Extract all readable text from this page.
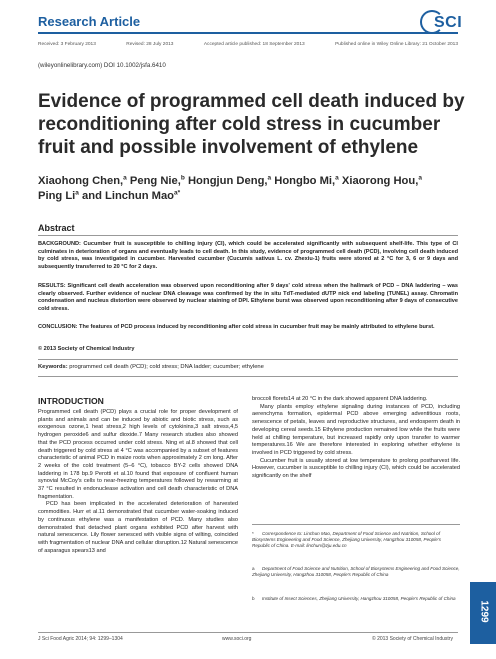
Research Article	SCI
Received: 3 February 2013	Revised: 28 July 2013	Accepted article published: 18 September 2013	Published online in Wiley Online Library: 21 October 2013
(wileyonlinelibrary.com) DOI 10.1002/jsfa.6410
Evidence of programmed cell death induced by reconditioning after cold stress in cucumber fruit and possible involvement of ethylene
Xiaohong Chen,$^a$ Peng Nie,$^b$ Hongjun Deng,$^a$ Hongbo Mi,$^a$ Xiaorong Hou,$^a$
Ping Li$^a$ and Linchun Mao$^{a*}$
Abstract
BACKGROUND: Cucumber fruit is susceptible to chilling injury (CI), which could be accelerated significantly with subsequent shelf-life. This type of CI culminates in deterioration of organs and eventually leads to cell death. In this study, evidence of programmed cell death (PCD), involving cell death induced by cold stress, was investigated in cucumber. Harvested cucumber (Cucumis sativus L. cv. Zhexiu-1) fruits were stored at 2 °C for 3, 6 or 9 days and subsequently transferred to 20 °C for 2 days.
RESULTS: Significant cell death acceleration was observed upon reconditioning after 9 days' cold stress when the hallmark of PCD – DNA laddering – was clearly observed. Further evidence of nuclear DNA cleavage was confirmed by the in situ TdT-mediated dUTP nick end labeling (TUNEL) assay. Chromatin condensation and nucleus distortion were observed by nuclear staining of DPI. Ethylene burst was observed upon reconditioning after 9 days of consecutive cold stress.
CONCLUSION: The features of PCD process induced by reconditioning after cold stress in cucumber fruit may be mainly attributed to ethylene burst.
© 2013 Society of Chemical Industry
Keywords: programmed cell death (PCD); cold stress; DNA ladder; cucumber; ethylene
INTRODUCTION

Programmed cell death (PCD) plays a crucial role for proper development of plants and animals and can be induced by abiotic and biotic stress, such as exogenous ozone,1 heat stress,2 high levels of cytokinins,3 salt stress,4,5 hydrogen peroxide6 and sulfur dioxide.7 Many research studies also showed that the PCD process occurred under cold stress. Ning et al.8 showed that cell death triggered by cold stress at 4 °C was accompanied by a subset of features characteristic of animal PCD in maize roots when approximately 2 cm long. After 2 weeks of the cold treatment (5–6 °C), tobacco BY-2 cells showed DNA laddering in 178 bp.9 Perotti et al.10 found that exposure of confluent human synovial McCoy's cells to near-freezing temperatures followed by rewarming at 37 °C resulted in endonuclease activation and cell death characteristic of DNA fragmentation.

PCD has been implicated in the accelerated deterioration of harvested commodities. Hurr et al.11 demonstrated that cucumber water-soaking induced by continuous ethylene was a manifestation of PCD. Many studies also demonstrated that detached plant organs exhibited PCD after harvest with natural senescence. Lily flower senesced with visible signs of wilting, coincided with fragmentation of nuclear DNA and cellular disruption.12 Natural senescence of asparagus spears13 and

broccoli florets14 at 20 °C in the dark showed apparent DNA laddering.

Many plants employ ethylene signaling during instances of PCD, including aerenchyma formation, epidermal PCD above emerging adventitious roots, senescence of petals, leaves and reproductive structures, and endosperm death in developing cereal seeds.15 Ethylene production remained low while the fruits were held at chilling temperature, but increased rapidly only upon transfer to warmer temperatures.16 We are therefore interested in exploring whether ethylene is involved in PCD triggered by cold stress.

Cucumber fruit is usually stored at low temperature to prolong postharvest life. However, cucumber is susceptible to chilling injury (CI), which could be accelerated significantly on the shelf

* Correspondence to: Linchun Mao, Department of Food Science and Nutrition, School of Biosystems Engineering and Food Science, Zhejiang University, Hangzhou 310058, People's Republic of China. E-mail: linchun@zju.edu.cn
a Department of Food Science and Nutrition, School of Biosystems Engineering and Food Science, Zhejiang University, Hangzhou 310058, People's Republic of China
b Institute of Insect Sciences, Zhejiang University, Hangzhou 310058, People's Republic of China
1299
J Sci Food Agric 2014; 94: 1299–1304	www.soci.org	© 2013 Society of Chemical Industry
